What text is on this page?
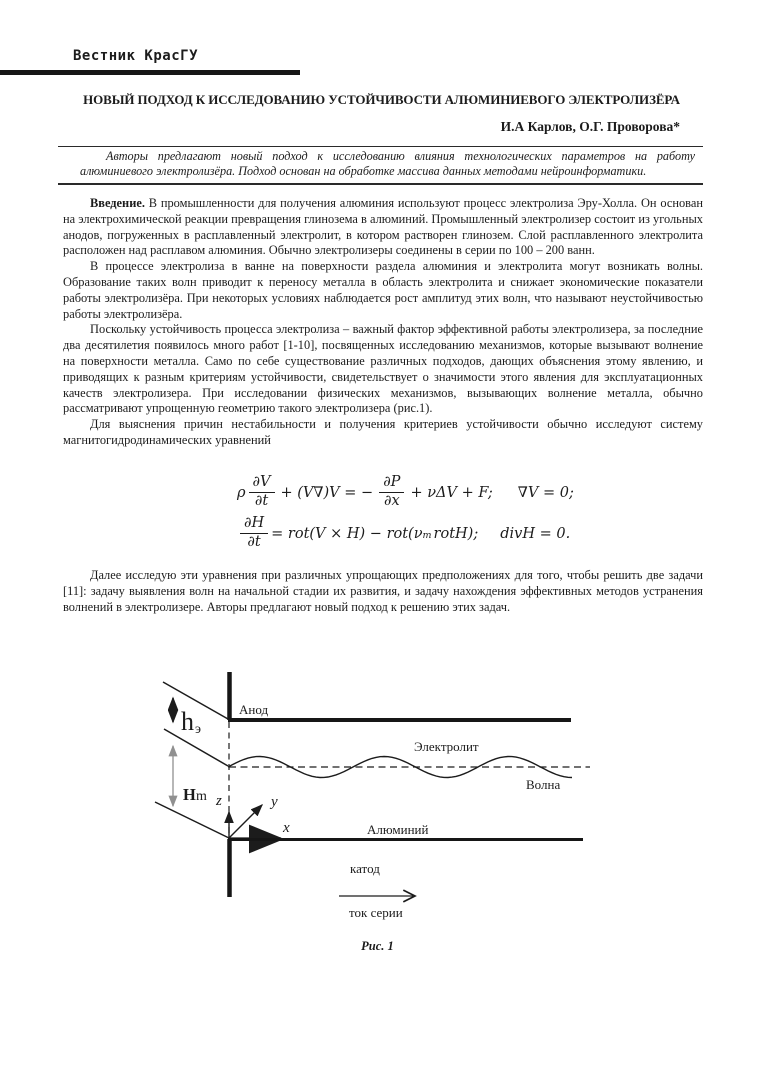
Вестник КрасГУ
НОВЫЙ ПОДХОД К ИССЛЕДОВАНИЮ УСТОЙЧИВОСТИ АЛЮМИНИЕВОГО ЭЛЕКТРОЛИЗЁРА
И.А Карлов, О.Г. Проворова*

Авторы предлагают новый подход к исследованию влияния технологических параметров на работу алюминиевого электролизёра. Подход основан на обработке массива данных методами нейроинформатики.

Введение. В промышленности для получения алюминия используют процесс электролиза Эру-Холла. Он основан на электрохимической реакции превращения глинозема в алюминий. Промышленный электролизер состоит из угольных анодов, погруженных в расплавленный электролит, в котором растворен глинозем. Слой расплавленного электролита расположен над расплавом алюминия. Обычно электролизеры соединены в серии по 100 – 200 ванн.

В процессе электролиза в ванне на поверхности раздела алюминия и электролита могут возникать волны. Образование таких волн приводит к переносу металла в область электролита и снижает экономические показатели работы электролизёра. При некоторых условиях наблюдается рост амплитуд этих волн, что называют неустойчивостью работы электролизёра.

Поскольку устойчивость процесса электролиза – важный фактор эффективной работы электролизера, за последние два десятилетия появилось много работ [1-10], посвященных исследованию механизмов, которые вызывают волнение на поверхности металла. Само по себе существование различных подходов, дающих объяснения этому явлению, и приводящих к разным критериям устойчивости, свидетельствует о значимости этого явления для эксплуатационных качеств электролизера. При исследовании физических механизмов, вызывающих волнение металла, обычно рассматривают упрощенную геометрию такого электролизера (рис.1).

Для выяснения причин нестабильности и получения критериев устойчивости обычно исследуют систему магнитогидродинамических уравнений

ρ $\frac{\partial V}{\partial t} + (V\nabla)V$ = − $\frac{\partial P}{\partial x} + \nu\Delta V + F$; ∇V = 0;
$\frac{\partial H}{\partial t} = rot(V \times H) - rot(\nu$ m rotH); divH = 0.

Далее исследую эти уравнения при различных упрощающих предположениях для того, чтобы решить две задачи [11]: задачу выявления волн на начальной стадии их развития, и задачу нахождения эффективных методов устранения волнений в электролизере. Авторы предлагают новый подход к решению этих задач.

Анод
h э
Электролит
Волна
H m z	y
x	Алюминий
катод
ток серии
Рис. 1
